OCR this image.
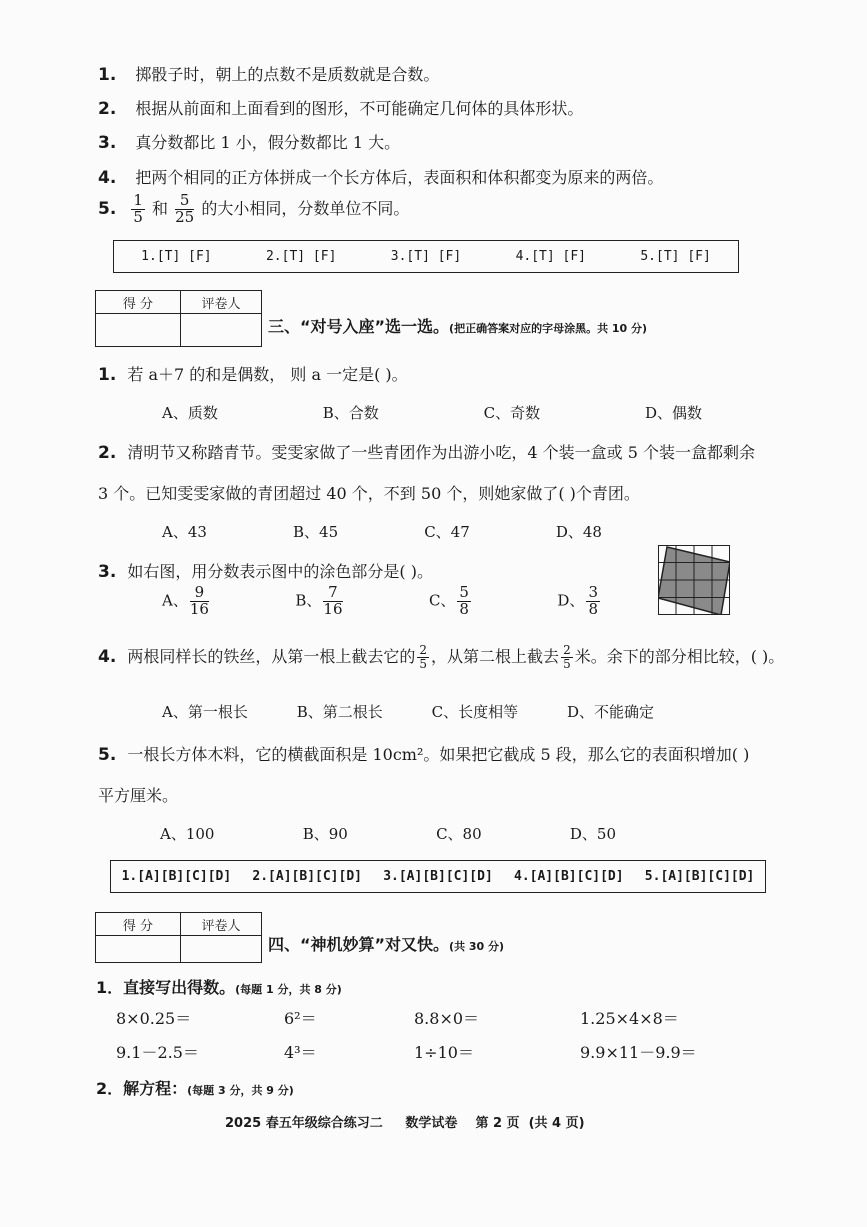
1. 掷骰子时，朝上的点数不是质数就是合数。
2. 根据从前面和上面看到的图形，不可能确定几何体的具体形状。
3. 真分数都比 1 小，假分数都比 1 大。
4. 把两个相同的正方体拼成一个长方体后，表面积和体积都变为原来的两倍。
5. $\frac{1}{5}$ 和 $\frac{5}{25}$ 的大小相同，分数单位不同。
1.[T] [F]	2.[T] [F]	3.[T] [F]	4.[T] [F]	5.[T] [F]
得 分	评卷人

三、“对号入座”选一选。(把正确答案对应的字母涂黑。共 10 分)
1. 若 a＋7 的和是偶数， 则 a 一定是( )。
A、质数	B、合数	C、奇数	D、偶数
2. 清明节又称踏青节。雯雯家做了一些青团作为出游小吃，4 个装一盒或 5 个装一盒都剩余
3 个。已知雯雯家做的青团超过 40 个，不到 50 个，则她家做了( )个青团。
A、43	B、45	C、47	D、48
3. 如右图，用分数表示图中的涂色部分是( )。
A、 $\frac{9}{16}$	B、 $\frac{7}{16}$	C、 $\frac{5}{8}$	D、 $\frac{3}{8}$
4. 两根同样长的铁丝，从第一根上截去它的 $\frac{2}{5}$ ，从第二根上截去 $\frac{2}{5}$ 米。余下的部分相比较，( )。
A、第一根长	B、第二根长	C、长度相等	D、不能确定
5. 一根长方体木料，它的横截面积是 10cm²。如果把它截成 5 段，那么它的表面积增加( )
平方厘米。
A、100	B、90	C、80	D、50
1.[A][B][C][D] 2.[A][B][C][D] 3.[A][B][C][D] 4.[A][B][C][D] 5.[A][B][C][D]
得 分	评卷人

四、“神机妙算”对又快。(共 30 分)
1．直接写出得数。(每题 1 分，共 8 分)
8×0.25＝	6²＝	8.8×0＝	1.25×4×8＝
9.1－2.5＝	4³＝	1÷10＝	9.9×11－9.9＝
2．解方程：(每题 3 分，共 9 分)
2025 春五年级综合练习二     数学试卷    第 2 页  (共 4 页)
